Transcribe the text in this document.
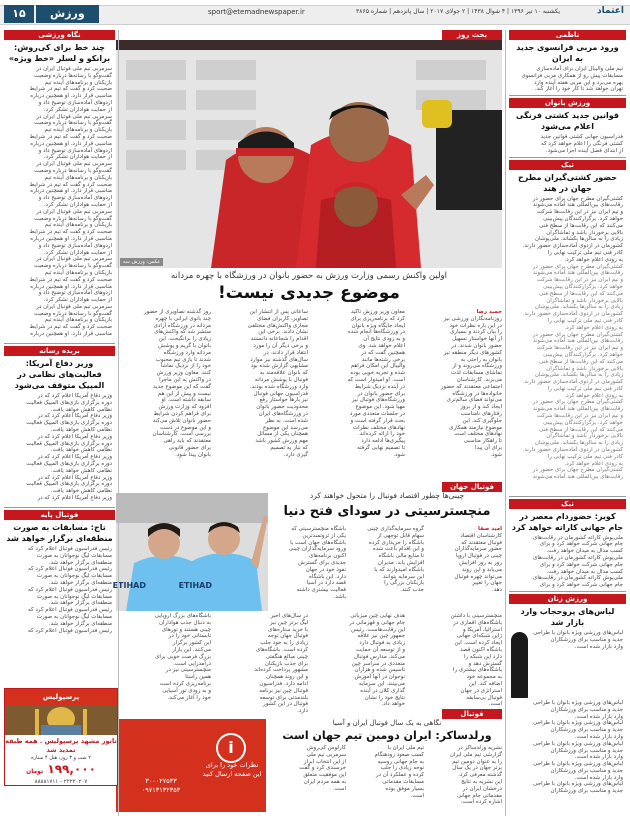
۱۵	ورزش	sport@etemadnewspaper.ir	یکشنبه ۱۰ تیر ۱۳۹۶ | ۴ شوال ۱۴۳۸ | ۲ جولای ۲۰۱۷ | سال پانزدهم | شماره ۳۸۶۵	اعتماد
ناظمی
ورود مربی فرانسوی جدید به ایران
تیم ملی والیبال ایران برای آماده‌سازی
مسابقات پیش رو از همکاری مربی فرانسوی
بهره می‌برد و این مربی هفته آینده وارد
تهران خواهد شد تا کار خود را آغاز کند.
ورزش بانوان
قوانین جدید کشتی فرنگی اعلام می‌شود
فدراسیون جهانی کشتی قوانین جدید
کشتی فرنگی را اعلام خواهد کرد که
از ابتدای فصل آینده اجرا می‌شود.
تیک
حضور کشتی‌گیران مطرح جهان در هند
کشتی‌گیران مطرح جهان برای حضور در
رقابت‌های بین‌المللی هند آماده می‌شوند
و تیم ایران نیز در این رقابت‌ها شرکت
خواهد کرد. برگزارکنندگان پیش‌بینی
می‌کنند که این رقابت‌ها از سطح فنی
بالایی برخوردار باشد و تماشاگران
زیادی را به سالن‌ها بکشاند. ملی‌پوشان
کشورمان در اردوی آماده‌سازی حضور دارند.
کادر فنی تیم ملی ترکیب نهایی را
به زودی اعلام خواهد کرد.
کشتی‌گیران مطرح جهان برای حضور در
رقابت‌های بین‌المللی هند آماده می‌شوند
و تیم ایران نیز در این رقابت‌ها شرکت
خواهد کرد. برگزارکنندگان پیش‌بینی
می‌کنند که این رقابت‌ها از سطح فنی
بالایی برخوردار باشد و تماشاگران
زیادی را به سالن‌ها بکشاند. ملی‌پوشان
کشورمان در اردوی آماده‌سازی حضور دارند.
کادر فنی تیم ملی ترکیب نهایی را
به زودی اعلام خواهد کرد.
کشتی‌گیران مطرح جهان برای حضور در
رقابت‌های بین‌المللی هند آماده می‌شوند
و تیم ایران نیز در این رقابت‌ها شرکت
خواهد کرد. برگزارکنندگان پیش‌بینی
می‌کنند که این رقابت‌ها از سطح فنی
بالایی برخوردار باشد و تماشاگران
زیادی را به سالن‌ها بکشاند. ملی‌پوشان
کشورمان در اردوی آماده‌سازی حضور دارند.
کادر فنی تیم ملی ترکیب نهایی را
به زودی اعلام خواهد کرد.
کشتی‌گیران مطرح جهان برای حضور در
رقابت‌های بین‌المللی هند آماده می‌شوند
و تیم ایران نیز در این رقابت‌ها شرکت
خواهد کرد. برگزارکنندگان پیش‌بینی
می‌کنند که این رقابت‌ها از سطح فنی
بالایی برخوردار باشد و تماشاگران
زیادی را به سالن‌ها بکشاند. ملی‌پوشان
کشورمان در اردوی آماده‌سازی حضور دارند.
کادر فنی تیم ملی ترکیب نهایی را
به زودی اعلام خواهد کرد.
کشتی‌گیران مطرح جهان برای حضور در
رقابت‌های بین‌المللی هند آماده می‌شوند
تیک
کویر: حضوردام معصر در جام جهانی کاراته خواهد کرد
ملی‌پوش کاراته کشورمان در رقابت‌های
جام جهانی شرکت خواهد کرد و برای
کسب مدال به میدان خواهد رفت.
ملی‌پوش کاراته کشورمان در رقابت‌های
جام جهانی شرکت خواهد کرد و برای
کسب مدال به میدان خواهد رفت.
ملی‌پوش کاراته کشورمان در رقابت‌های
جام جهانی شرکت خواهد کرد و برای
ورزش زنان
لباس‌های پروحجاب وارد بازار شد
لباس‌های ورزشی ویژه بانوان با طراحی
جدید و مناسب برای ورزشکاران
وارد بازار شده است.
لباس‌های ورزشی ویژه بانوان با طراحی
جدید و مناسب برای ورزشکاران
وارد بازار شده است.
لباس‌های ورزشی ویژه بانوان با طراحی
جدید و مناسب برای ورزشکاران
وارد بازار شده است.
لباس‌های ورزشی ویژه بانوان با طراحی
جدید و مناسب برای ورزشکاران
وارد بازار شده است.
لباس‌های ورزشی ویژه بانوان با طراحی
جدید و مناسب برای ورزشکاران
وارد بازار شده است.
لباس‌های ورزشی ویژه بانوان با طراحی
جدید و مناسب برای ورزشکاران
بحث روز
عکس: ورزش سه
اولین واکنش رسمی وزارت ورزش به حضور بانوان در ورزشگاه با چهره مردانه
موضوع جدیدی نیست!
حمید رضا
روزنامه‌نگاران ورزشی نیز
در این باره نظرات خود
را بیان کردند و بسیاری
از آنها خواستار تسهیل
حضور بانوان شدند. در
کشورهای دیگر منطقه نیز
بانوان به راحتی به
ورزشگاه می‌روند و از
تماشای مسابقات لذت
می‌برند. کارشناسان
اجتماعی معتقدند که حضور
خانواده‌ها در ورزشگاه
می‌تواند فضای سالم‌تری
ایجاد کند و از بروز
رفتارهای نامناسب
جلوگیری کند. این
موضوع نیازمند همکاری
نهادهای مختلف است
تا راهکار مناسبی
برای آن پیدا
شود.
معاون وزیر ورزش تاکید
کرد که برنامه‌ریزی برای
ایجاد جایگاه ویژه بانوان
در ورزشگاه‌ها انجام شده
و به زودی نتایج آن
اعلام خواهد شد. وی
همچنین گفت که در
برخی رشته‌ها مانند
والیبال این امکان فراهم
شده و تجربه خوبی بوده
است. او امیدوار است که
در آینده نزدیک شرایط
برای حضور بانوان در
ورزشگاه‌های فوتبال نیز
مهیا شود. این موضوع
در جلسات متعددی مورد
بحث قرار گرفته است و
نهادهای مختلف نظرات
خود را ارائه کرده‌اند.
پیگیری‌ها ادامه دارد
تا تصمیم نهایی گرفته
شود.
ساعاتی پس از انتشار این
تصاویر، کاربران فضای
مجازی واکنش‌های مختلفی
نشان دادند. برخی این
اقدام را شجاعانه دانستند
و برخی دیگر آن را مورد
انتقاد قرار دادند. در
سال‌های گذشته نیز موارد
مشابهی گزارش شده بود
که بانوان علاقه‌مند به
فوتبال با پوشش مردانه
وارد ورزشگاه شده بودند.
فدراسیون جهانی فوتبال
نیز بارها خواستار رفع
محدودیت حضور بانوان
در ورزشگاه‌های ایران
شده است. به نظر
می‌رسد این موضوع
همچنان یکی از مسائل
مهم ورزش کشور باشد
که نیاز به تصمیم
گیری دارد.
روز گذشته تصاویری از حضور
چند بانوی ایرانی با چهره
مردانه در ورزشگاه آزادی
منتشر شد که واکنش‌های
زیادی را برانگیخت. این
بانوان با گریم و پوشش
مردانه وارد ورزشگاه
شدند تا بازی تیم محبوب
خود را از نزدیک تماشا
کنند. معاون وزیر ورزش
در واکنش به این ماجرا
گفت که این موضوع جدید
نیست و پیش از این هم
سابقه داشته است. او
افزود که وزارت ورزش
برای فراهم کردن شرایط
حضور بانوان تلاش می‌کند
و این موضوع در دست
بررسی است. کارشناسان
معتقدند که باید راهی
برای حضور قانونی
بانوان پیدا شود.
فوتبال جهان
چینی‌ها چطور اقتصاد فوتبال را متحول خواهند کرد
منچسترسیتی در سودای فتح دنیا
ETIHAD
ETIHAD
امید صفا
کارشناسان اقتصاد
فوتبال معتقدند که
حضور سرمایه‌گذاران
چینی در فوتبال اروپا
روز به روز افزایش
می‌یابد و این روند
می‌تواند چهره فوتبال
جهان را تغییر
دهد.
گروه سرمایه‌گذاری چینی
سهام قابل توجهی از
باشگاه را خریداری کرده
و این اقدام باعث شده
تا منابع مالی باشگاه
افزایش یابد. مدیران
باشگاه امیدوارند که با
این سرمایه بتوانند
بازیکنان بزرگی را
جذب کنند.
باشگاه منچسترسیتی که
یکی از ثروتمندترین
باشگاه‌های جهان است با
ورود سرمایه‌گذاران چینی
اکنون برنامه‌های
جدیدی برای گسترش
نفوذ خود در جهان
دارد. این باشگاه
قصد دارد در آسیا
فعالیت بیشتری داشته
باشد.
منچسترسیتی با داشتن
باشگاه‌های اقماری در
استرالیا، آمریکا و
ژاپن شبکه‌ای جهانی
ایجاد کرده است. این
باشگاه اکنون قصد
دارد این شبکه را
گسترش دهد و
باشگاه‌های بیشتری را
به مجموعه خود
اضافه کند. این
استراتژی در جهان
فوتبال بی‌سابقه
است.
هدف نهایی چین میزبانی
جام جهانی و قهرمانی در
این رقابت‌هاست. رئیس
جمهور چین نیز علاقه
زیادی به فوتبال دارد
و از توسعه آن حمایت
می‌کند. مدارس فوتبال
متعددی در سراسر چین
تاسیس شده و هزاران
نوجوان در آنها آموزش
می‌بینند. این سرمایه
گذاری کلان در آینده
نتایج خود را نشان
خواهد داد.
در سال‌های اخیر
لیگ برتر چین نیز
با خرید ستاره‌های
فوتبال جهان توجه
زیادی را به خود جلب
کرده است. باشگاه‌های
چینی مبالغ هنگفتی
برای جذب بازیکنان
مشهور پرداخت کرده‌اند
و این روند همچنان
ادامه دارد. فدراسیون
فوتبال چین نیز برنامه
بلندمدتی برای توسعه
فوتبال در این کشور
دارد.
باشگاه‌های بزرگ اروپایی
به دنبال جذب هواداران
چینی هستند و تورهای
تابستانی خود را در
این کشور برگزار
می‌کنند. این بازار
بزرگ فرصت خوبی برای
درآمدزایی است.
منچسترسیتی نیز در
همین راستا
برنامه‌ریزی کرده است
و به زودی تور آسیایی
خود را آغاز می‌کند.
فوتبال
نگاهی به یک سال فوتبال ایران و آسیا
ورلدساکر: ایران دومین تیم جهان است
نشریه ورلدساکر در
گزارشی تیم ملی ایران
را به عنوان دومین تیم
برتر جهان در یک سال
گذشته معرفی کرد.
این نشریه به نتایج
درخشان ایران در
مقدماتی جام جهانی
اشاره کرده است.
تیم ملی ایران با
کسب صعود زودهنگام
به جام جهانی روسیه
توجه زیادی را جلب
کرده و عملکرد آن در
مسابقات مقدماتی
بسیار موفق بوده
است.
کارلوس کی‌روش
سرمربی تیم ملی
از این انتخاب ابراز
خرسندی کرد و گفت
این موفقیت متعلق
به همه مردم ایران
است.
i
نظرات خود را برای این صفحه ارسال کنید
۳۰۰۰۲۷۵۳۳
۰۹۷۱۳۱۳۲۳۵۳
نگاه ورزشی
چند خط برای کی‌روش: برانکو و لسلر «خط ویژه»
سرمربی تیم ملی فوتبال ایران در
گفت‌وگو با رسانه‌ها درباره وضعیت
بازیکنان و برنامه‌های آینده تیم
صحبت کرد و گفت که تیم در شرایط
مناسبی قرار دارد. او همچنین درباره
اردوهای آماده‌سازی توضیح داد و
از حمایت هواداران تشکر کرد.
سرمربی تیم ملی فوتبال ایران در
گفت‌وگو با رسانه‌ها درباره وضعیت
بازیکنان و برنامه‌های آینده تیم
صحبت کرد و گفت که تیم در شرایط
مناسبی قرار دارد. او همچنین درباره
اردوهای آماده‌سازی توضیح داد و
از حمایت هواداران تشکر کرد.
سرمربی تیم ملی فوتبال ایران در
گفت‌وگو با رسانه‌ها درباره وضعیت
بازیکنان و برنامه‌های آینده تیم
صحبت کرد و گفت که تیم در شرایط
مناسبی قرار دارد. او همچنین درباره
اردوهای آماده‌سازی توضیح داد و
از حمایت هواداران تشکر کرد.
سرمربی تیم ملی فوتبال ایران در
گفت‌وگو با رسانه‌ها درباره وضعیت
بازیکنان و برنامه‌های آینده تیم
صحبت کرد و گفت که تیم در شرایط
مناسبی قرار دارد. او همچنین درباره
اردوهای آماده‌سازی توضیح داد و
از حمایت هواداران تشکر کرد.
سرمربی تیم ملی فوتبال ایران در
گفت‌وگو با رسانه‌ها درباره وضعیت
بازیکنان و برنامه‌های آینده تیم
صحبت کرد و گفت که تیم در شرایط
مناسبی قرار دارد. او همچنین درباره
اردوهای آماده‌سازی توضیح داد و
از حمایت هواداران تشکر کرد.
سرمربی تیم ملی فوتبال ایران در
گفت‌وگو با رسانه‌ها درباره وضعیت
بازیکنان و برنامه‌های آینده تیم
صحبت کرد و گفت که تیم در شرایط
مناسبی قرار دارد. او همچنین درباره
بریده رسانه
وزیر دفاع آمریکا: فعالیت‌های نظامی در المپیک متوقف می‌شود
وزیر دفاع آمریکا اعلام کرد که در
دوره برگزاری بازی‌های المپیک فعالیت
نظامی کاهش خواهد یافت.
وزیر دفاع آمریکا اعلام کرد که در
دوره برگزاری بازی‌های المپیک فعالیت
نظامی کاهش خواهد یافت.
وزیر دفاع آمریکا اعلام کرد که در
دوره برگزاری بازی‌های المپیک فعالیت
نظامی کاهش خواهد یافت.
وزیر دفاع آمریکا اعلام کرد که در
دوره برگزاری بازی‌های المپیک فعالیت
نظامی کاهش خواهد یافت.
وزیر دفاع آمریکا اعلام کرد که در
دوره برگزاری بازی‌های المپیک فعالیت
نظامی کاهش خواهد یافت.
وزیر دفاع آمریکا اعلام کرد که در
فوتبال پایه
تاج: مسابقات به صورت منطقه‌ای برگزار خواهد شد
رئیس فدراسیون فوتبال اعلام کرد که
مسابقات لیگ نوجوانان به صورت
منطقه‌ای برگزار خواهد شد.
رئیس فدراسیون فوتبال اعلام کرد که
مسابقات لیگ نوجوانان به صورت
منطقه‌ای برگزار خواهد شد.
رئیس فدراسیون فوتبال اعلام کرد که
مسابقات لیگ نوجوانان به صورت
منطقه‌ای برگزار خواهد شد.
رئیس فدراسیون فوتبال اعلام کرد که
مسابقات لیگ نوجوانان به صورت
منطقه‌ای برگزار خواهد شد.
رئیس فدراسیون فوتبال اعلام کرد که
پرسپولیس
تاتور مشهد پرسپولیس . همه طبقه تمدید شد
۲ شب و ۳ روز، هتل ۴ ستاره
۱۹۹,۰۰۰ تومان
۸۸۸۸۱۷۱۱ - ۲۲۲۲۰۲۰۷
